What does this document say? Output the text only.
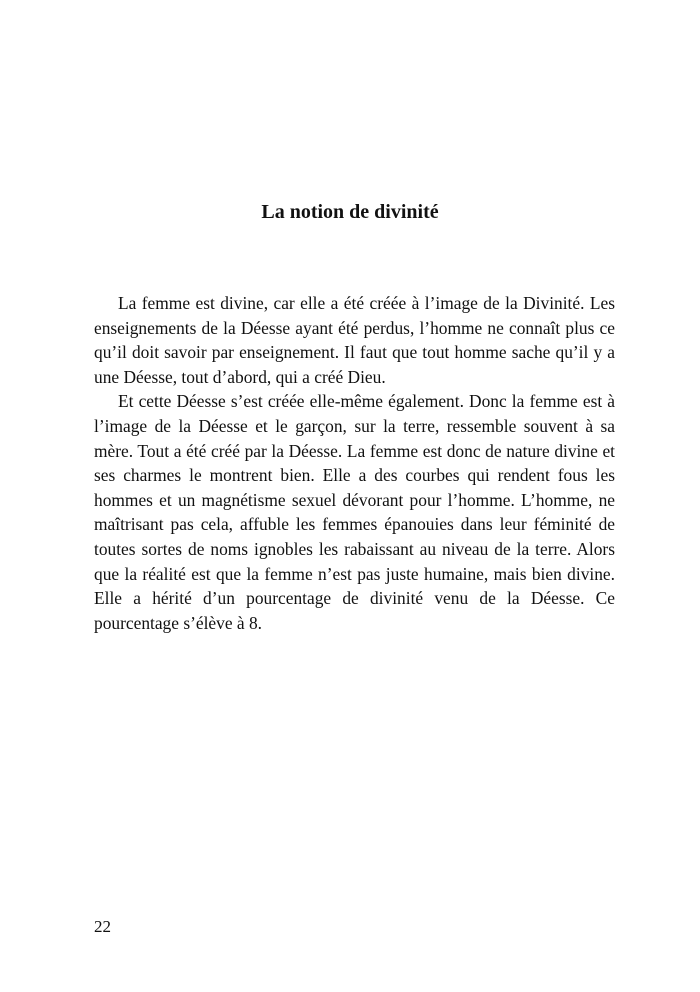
La notion de divinité

La femme est divine, car elle a été créée à l’image de la Divinité. Les enseignements de la Déesse ayant été perdus, l’homme ne connaît plus ce qu’il doit savoir par enseignement. Il faut que tout homme sache qu’il y a une Déesse, tout d’abord, qui a créé Dieu.

Et cette Déesse s’est créée elle-même également. Donc la femme est à l’image de la Déesse et le garçon, sur la terre, ressemble souvent à sa mère. Tout a été créé par la Déesse. La femme est donc de nature divine et ses charmes le montrent bien. Elle a des courbes qui rendent fous les hommes et un magnétisme sexuel dévorant pour l’homme. L’homme, ne maîtrisant pas cela, affuble les femmes épanouies dans leur féminité de toutes sortes de noms ignobles les rabaissant au niveau de la terre. Alors que la réalité est que la femme n’est pas juste humaine, mais bien divine. Elle a hérité d’un pourcentage de divinité venu de la Déesse. Ce pourcentage s’élève à 8.

22
